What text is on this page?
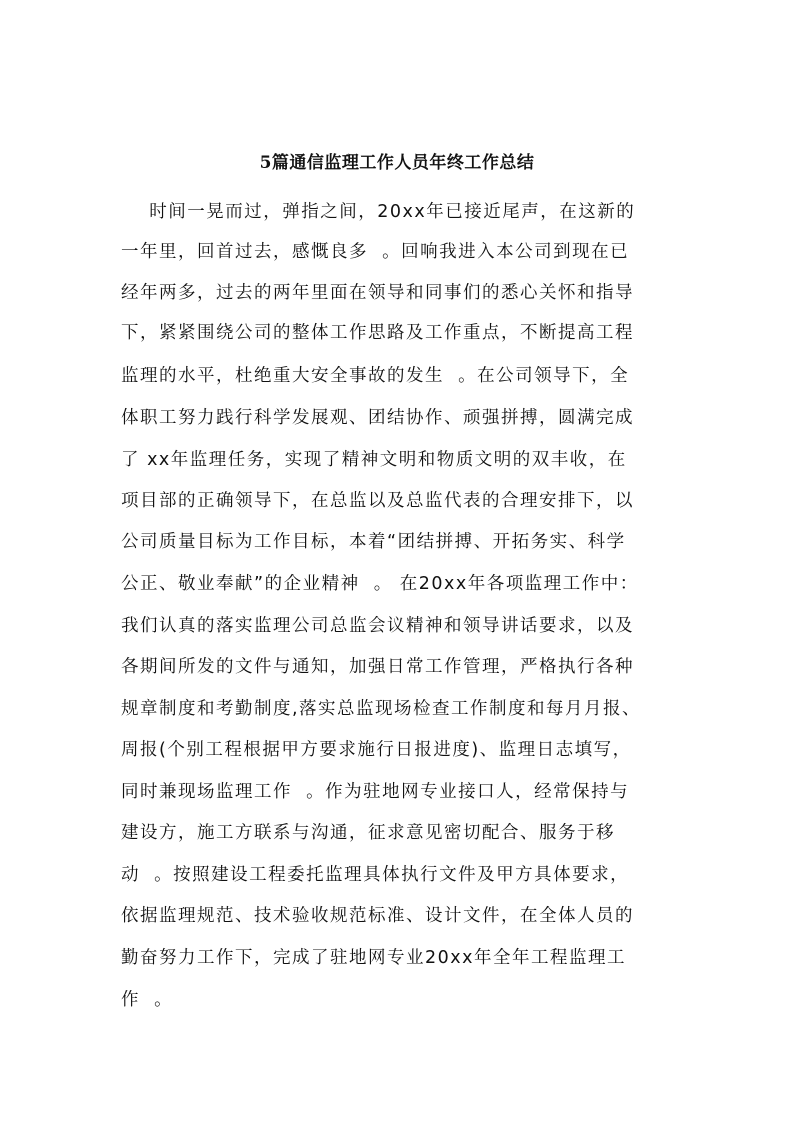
5篇通信监理工作人员年终工作总结
时间一晃而过，弹指之间，20xx年已接近尾声，在这新的
一年里，回首过去，感慨良多  。回响我进入本公司到现在已
经年两多，过去的两年里面在领导和同事们的悉心关怀和指导
下，紧紧围绕公司的整体工作思路及工作重点，不断提高工程
监理的水平，杜绝重大安全事故的发生  。在公司领导下，全
体职工努力践行科学发展观、团结协作、顽强拼搏，圆满完成
了 xx年监理任务，实现了精神文明和物质文明的双丰收，在
项目部的正确领导下，在总监以及总监代表的合理安排下，以
公司质量目标为工作目标，本着“团结拼搏、开拓务实、科学
公正、敬业奉献”的企业精神  。 在20xx年各项监理工作中：
我们认真的落实监理公司总监会议精神和领导讲话要求，以及
各期间所发的文件与通知，加强日常工作管理，严格执行各种
规章制度和考勤制度,落实总监现场检查工作制度和每月月报、
周报(个别工程根据甲方要求施行日报进度)、监理日志填写，
同时兼现场监理工作  。作为驻地网专业接口人，经常保持与
建设方，施工方联系与沟通，征求意见密切配合、服务于移
动  。按照建设工程委托监理具体执行文件及甲方具体要求，
依据监理规范、技术验收规范标准、设计文件，在全体人员的
勤奋努力工作下，完成了驻地网专业20xx年全年工程监理工
作  。
